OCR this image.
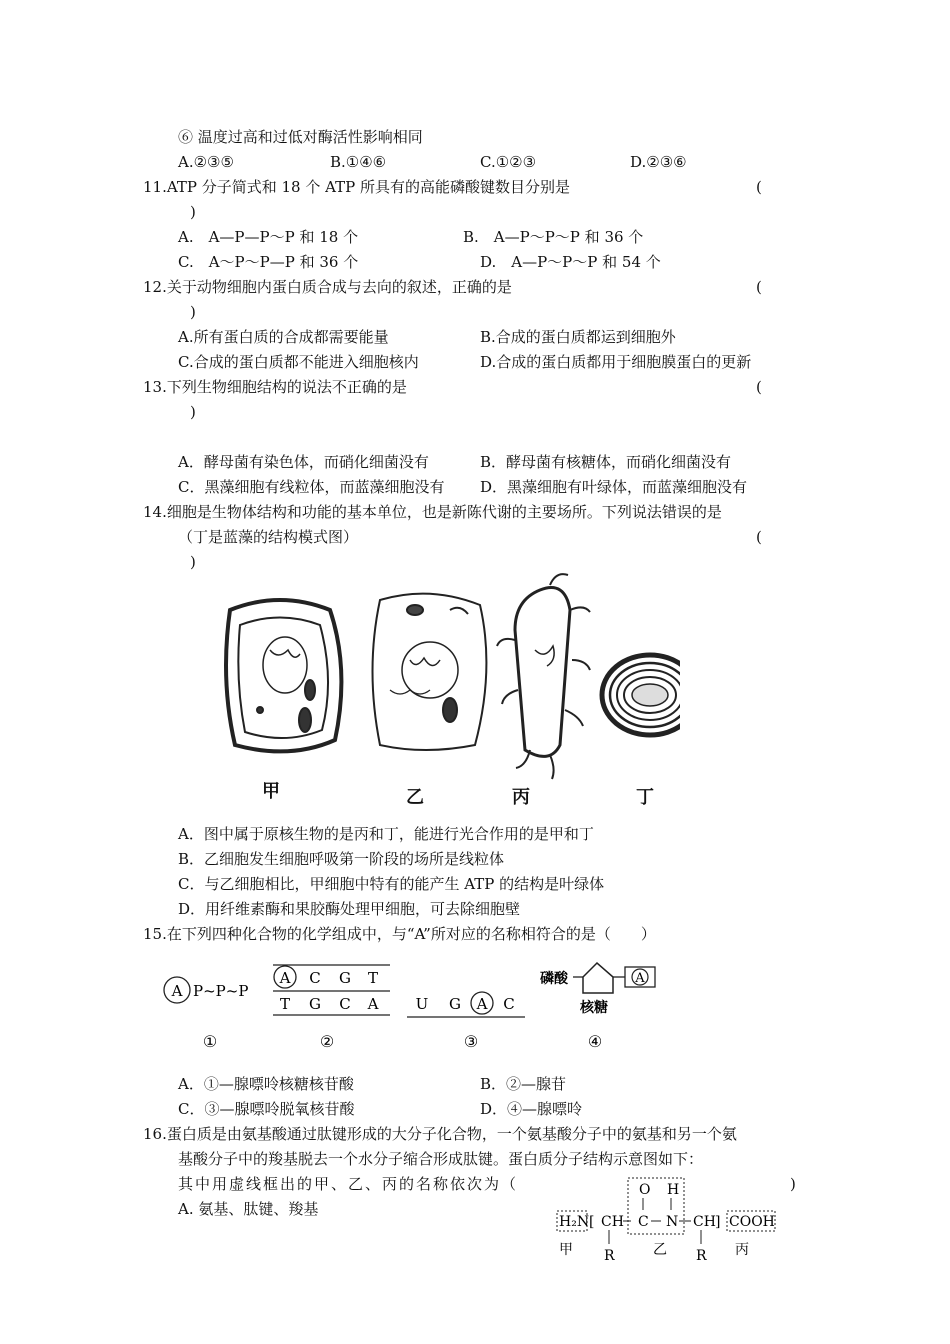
⑥ 温度过高和过低对酶活性影响相同
A.②③⑤	B.①④⑥	C.①②③	D.②③⑥
11.ATP 分子简式和 18 个 ATP 所具有的高能磷酸键数目分别是	(
)
A.　A—P—P～P 和 18 个	B.　A—P～P～P 和 36 个
C.　A～P～P—P 和 36 个	D.　A—P～P～P 和 54 个
12.关于动物细胞内蛋白质合成与去向的叙述，正确的是	(
)
A.所有蛋白质的合成都需要能量	B.合成的蛋白质都运到细胞外
C.合成的蛋白质都不能进入细胞核内	D.合成的蛋白质都用于细胞膜蛋白的更新
13.下列生物细胞结构的说法不正确的是	(
)
A．酵母菌有染色体，而硝化细菌没有	B．酵母菌有核糖体，而硝化细菌没有
C．黑藻细胞有线粒体，而蓝藻细胞没有 D．黑藻细胞有叶绿体，而蓝藻细胞没有
14.细胞是生物体结构和功能的基本单位，也是新陈代谢的主要场所。下列说法错误的是
（丁是蓝藻的结构模式图）	(
)
甲	乙	丙	丁
A．图中属于原核生物的是丙和丁，能进行光合作用的是甲和丁
B．乙细胞发生细胞呼吸第一阶段的场所是线粒体
C．与乙细胞相比，甲细胞中特有的能产生 ATP 的结构是叶绿体
D．用纤维素酶和果胶酶处理甲细胞，可去除细胞壁
15.在下列四种化合物的化学组成中，与“A”所对应的名称相符合的是（　　）
A P~P~P
①
A C G T
T G C A
②
U G A C
③
磷酸	A
核糖
④
A．①—腺嘌呤核糖核苷酸	B．②—腺苷
C．③—腺嘌呤脱氧核苷酸	D．④—腺嘌呤
16.蛋白质是由氨基酸通过肽键形成的大分子化合物，一个氨基酸分子中的氨基和另一个氨
基酸分子中的羧基脱去一个水分子缩合形成肽键。蛋白质分子结构示意图如下：
其中用虚线框出的甲、乙、丙的名称依次为（	)
A. 氨基、肽键、羧基
H₂N [ CH
O
C
H
N CH ] COOH
R	R
甲	乙	丙
